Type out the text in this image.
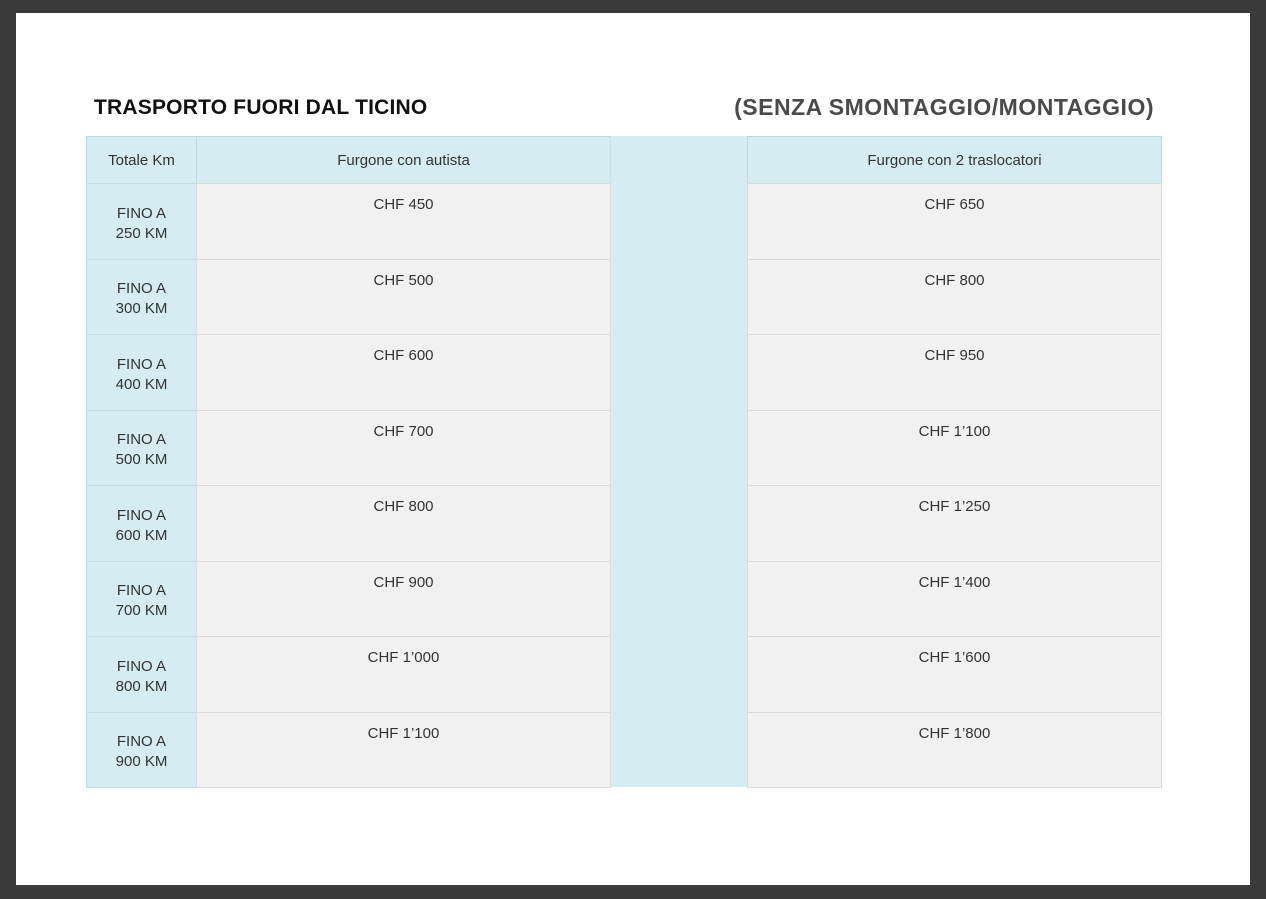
TRASPORTO FUORI DAL TICINO	(SENZA SMONTAGGIO/MONTAGGIO)
Totale Km	Furgone con autista	Furgone con 2 traslocatori
FINO A
250 KM
CHF 450	CHF 650
FINO A
300 KM
CHF 500	CHF 800
FINO A
400 KM
CHF 600	CHF 950
FINO A
500 KM
CHF 700	CHF 1’100
FINO A
600 KM
CHF 800	CHF 1’250
FINO A
700 KM
CHF 900	CHF 1’400
FINO A
800 KM
CHF 1’000	CHF 1’600
FINO A
900 KM
CHF 1’100	CHF 1’800
